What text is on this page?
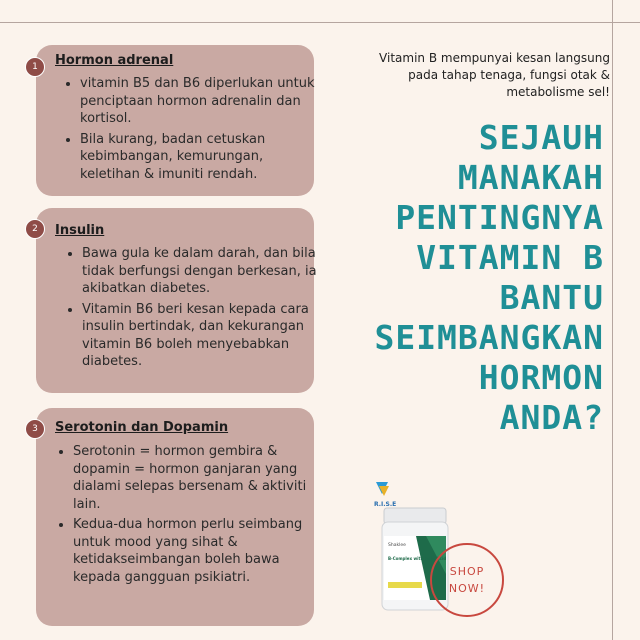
1	Hormon adrenal
• vitamin B5 dan B6 diperlukan untuk penciptaan hormon adrenalin dan kortisol.
• Bila kurang, badan cetuskan kebimbangan, kemurungan, keletihan & imuniti rendah.
2	Insulin
• Bawa gula ke dalam darah, dan bila tidak berfungsi dengan berkesan, ia akibatkan diabetes.
• Vitamin B6 beri kesan kepada cara insulin bertindak, dan kekurangan vitamin B6 boleh menyebabkan diabetes.
3	Serotonin dan Dopamin
• Serotonin = hormon gembira & dopamin = hormon ganjaran yang dialami selepas bersenam & aktiviti lain.
• Kedua-dua hormon perlu seimbang untuk mood yang sihat & ketidakseimbangan boleh bawa kepada gangguan psikiatri.
Vitamin B mempunyai kesan langsung pada tahap tenaga, fungsi otak & metabolisme sel!
SEJAUH
MANAKAH
PENTINGNYA
VITAMIN B
BANTU
SEIMBANGKAN
HORMON
ANDA?
R.I.S.E
Shaklee
B-Complex with Folic Acid
SHOP
NOW!
